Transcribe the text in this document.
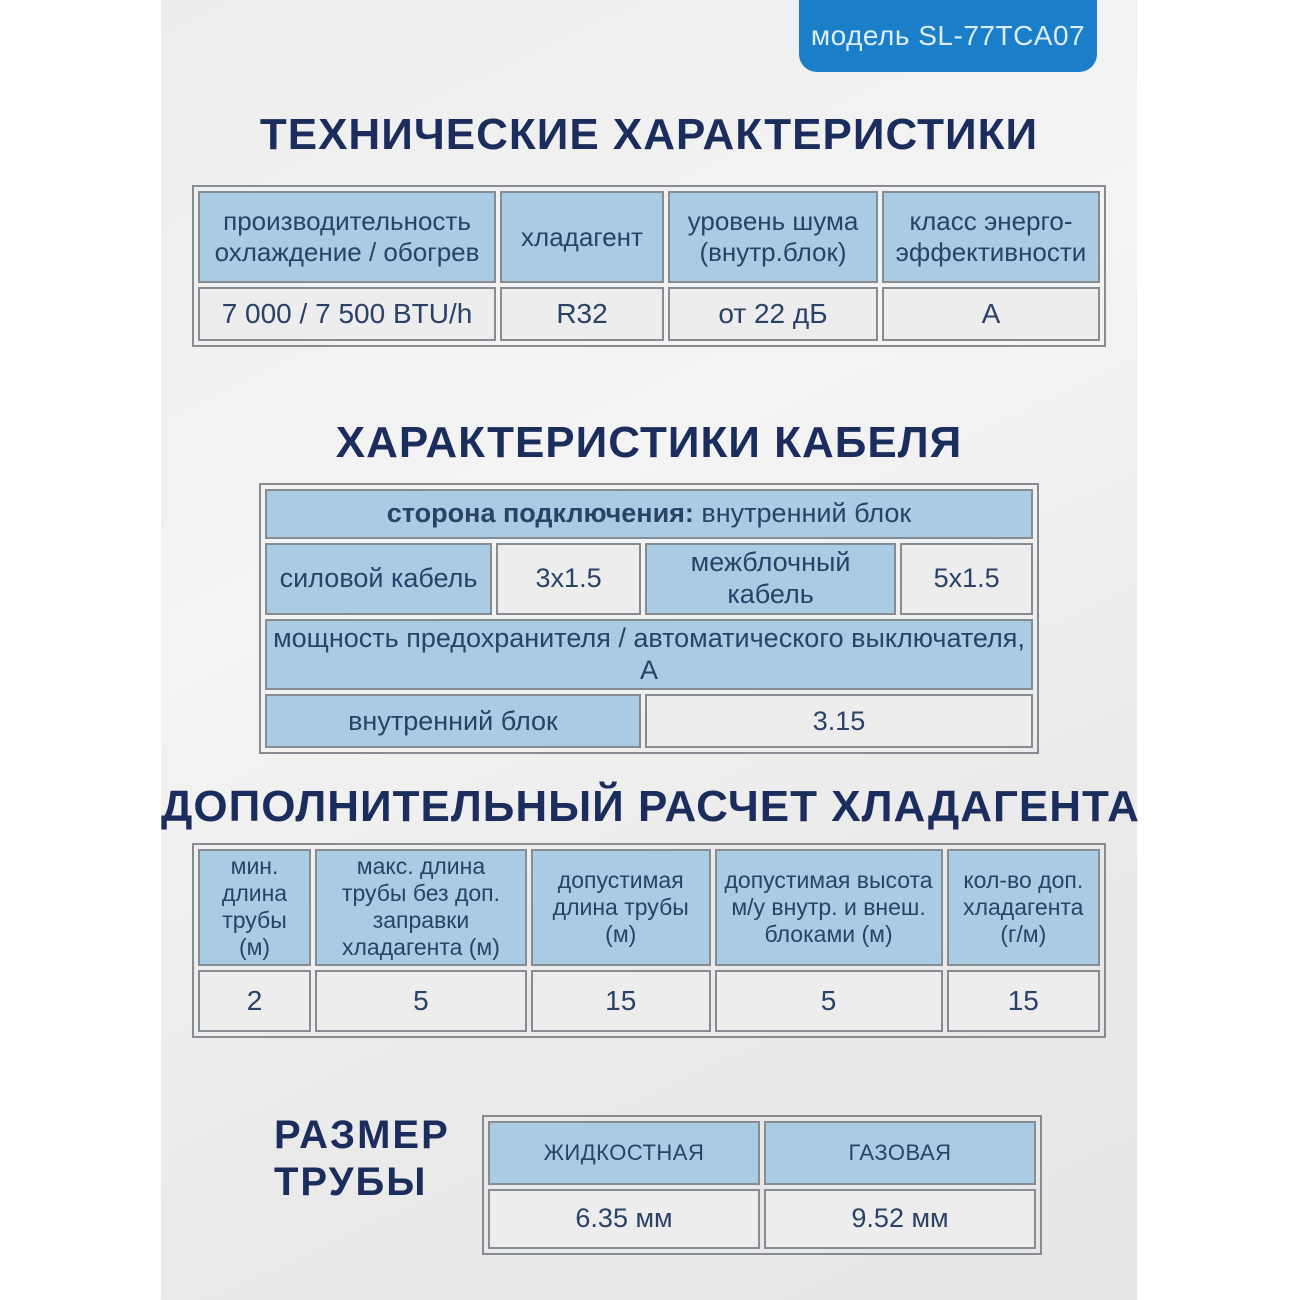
модель SL-77TCA07
ТЕХНИЧЕСКИЕ ХАРАКТЕРИСТИКИ
производительность охлаждение / обогрев	хладагент	уровень шума (внутр.блок)	класс энерго-эффективности
7 000 / 7 500 BTU/h	R32	от 22 дБ	А
ХАРАКТЕРИСТИКИ КАБЕЛЯ
сторона подключения: внутренний блок			
силовой кабель	3x1.5	межблочный кабель	5x1.5
мощность предохранителя / автоматического выключателя, А			
внутренний блок		3.15	
ДОПОЛНИТЕЛЬНЫЙ РАСЧЕТ ХЛАДАГЕНТА
мин. длина трубы (м)	макс. длина трубы без доп. заправки хладагента (м)	допустимая длина трубы (м)	допустимая высота м/у внутр. и внеш. блоками (м)	кол-во доп. хладагента (г/м)
2	5	15	5	15
РАЗМЕР
ТРУБЫ
ЖИДКОСТНАЯ	ГАЗОВАЯ
6.35 мм	9.52 мм
